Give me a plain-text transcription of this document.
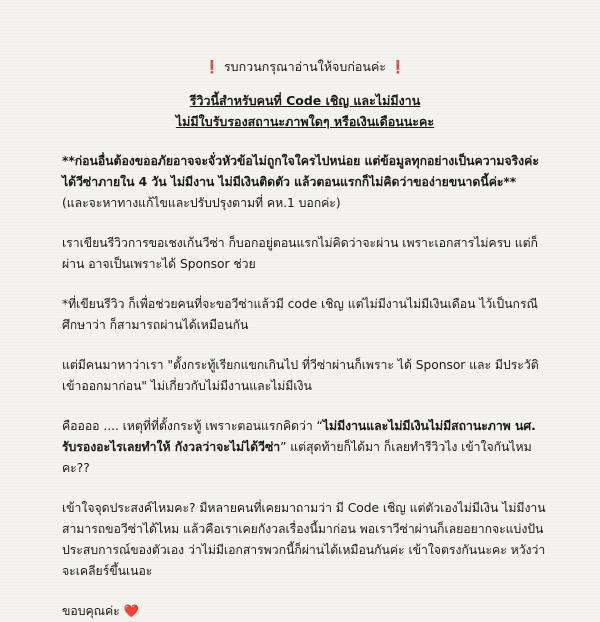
❗ รบกวนกรุณาอ่านให้จบก่อนค่ะ ❗
รีวิวนี้สำหรับคนที่ Code เชิญ และไม่มีงาน
ไม่มีใบรับรองสถานะภาพใดๆ หรือเงินเดือนนะคะ

**ก่อนอื่นต้องขออภัยอาจจะจั่วหัวข้อไม่ถูกใจใครไปหน่อย แต่ข้อมูลทุกอย่างเป็นความจริงค่ะ ได้วีซ่าภายใน 4 วัน ไม่มีงาน ไม่มีเงินติดตัว แล้วตอนแรกก็ไม่คิดว่าของ่ายขนาดนี้ค่ะ**
(และจะหาทางแก้ไขและปรับปรุงตามที่ คห.1 บอกค่ะ)

เราเขียนรีวิวการขอเชงเก้นวีซ่า ก็บอกอยู่ตอนแรกไม่คิดว่าจะผ่าน เพราะเอกสารไม่ครบ แต่ก็ผ่าน อาจเป็นเพราะได้ Sponsor ช่วย

*ที่เขียนรีวิว ก็เพื่อช่วยคนที่จะขอวีซ่าแล้วมี code เชิญ แต่ไม่มีงานไม่มีเงินเดือน ไว้เป็นกรณีศึกษาว่า ก็สามารถผ่านได้เหมือนกัน

แต่มีคนมาหาว่าเรา "ตั้งกระทู้เรียกแขกเกินไป ที่วีซ่าผ่านก็เพราะ ได้ Sponsor และ มีประวัติเข้าออกมาก่อน" ไม่เกี่ยวกับไม่มีงานและไม่มีเงิน

คืออออ .... เหตุที่ที่ตั้งกระทู้ เพราะตอนแรกคิดว่า “ไม่มีงานและไม่มีเงินไม่มีสถานะภาพ นศ. รับรองอะไรเลยทำให้ กังวลว่าจะไม่ได้วีซ่า” แต่สุดท้ายก็ได้มา ก็เลยทำรีวิวไง เข้าใจกันไหมคะ??

เข้าใจจุดประสงค์ไหมคะ? มีหลายคนที่เคยมาถามว่า มี Code เชิญ แต่ตัวเองไม่มีเงิน ไม่มีงาน สามารถขอวีซ่าได้ไหม แล้วคือเราเคยกังวลเรื่องนี้มาก่อน พอเราวีซ่าผ่านก็เลยอยากจะแบ่งปัน ประสบการณ์ของตัวเอง ว่าไม่มีเอกสารพวกนี้ก็ผ่านได้เหมือนกันค่ะ เข้าใจตรงกันนะคะ หวังว่าจะเคลียร์ขึ้นเนอะ

ขอบคุณค่ะ ❤️
